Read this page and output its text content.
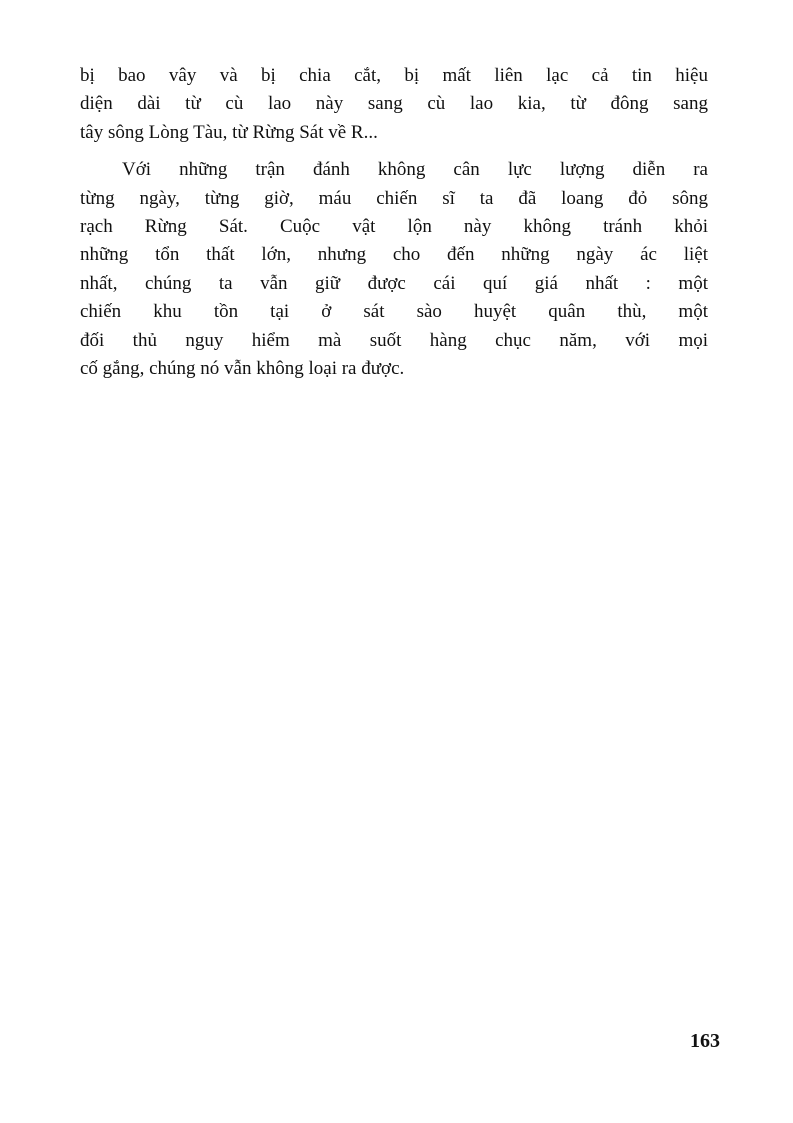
bị bao vây và bị chia cắt, bị mất liên lạc cả tin hiệu
diện dài từ cù lao này sang cù lao kia, từ đông sang
tây sông Lòng Tàu, từ Rừng Sát về R...
Với những trận đánh không cân lực lượng diễn ra
từng ngày, từng giờ, máu chiến sĩ ta đã loang đỏ sông
rạch Rừng Sát. Cuộc vật lộn này không tránh khỏi
những tổn thất lớn, nhưng cho đến những ngày ác liệt
nhất, chúng ta vẫn giữ được cái quí giá nhất : một
chiến khu tồn tại ở sát sào huyệt quân thù, một
đối thủ nguy hiểm mà suốt hàng chục năm, với mọi
cố gắng, chúng nó vẫn không loại ra được.
163
